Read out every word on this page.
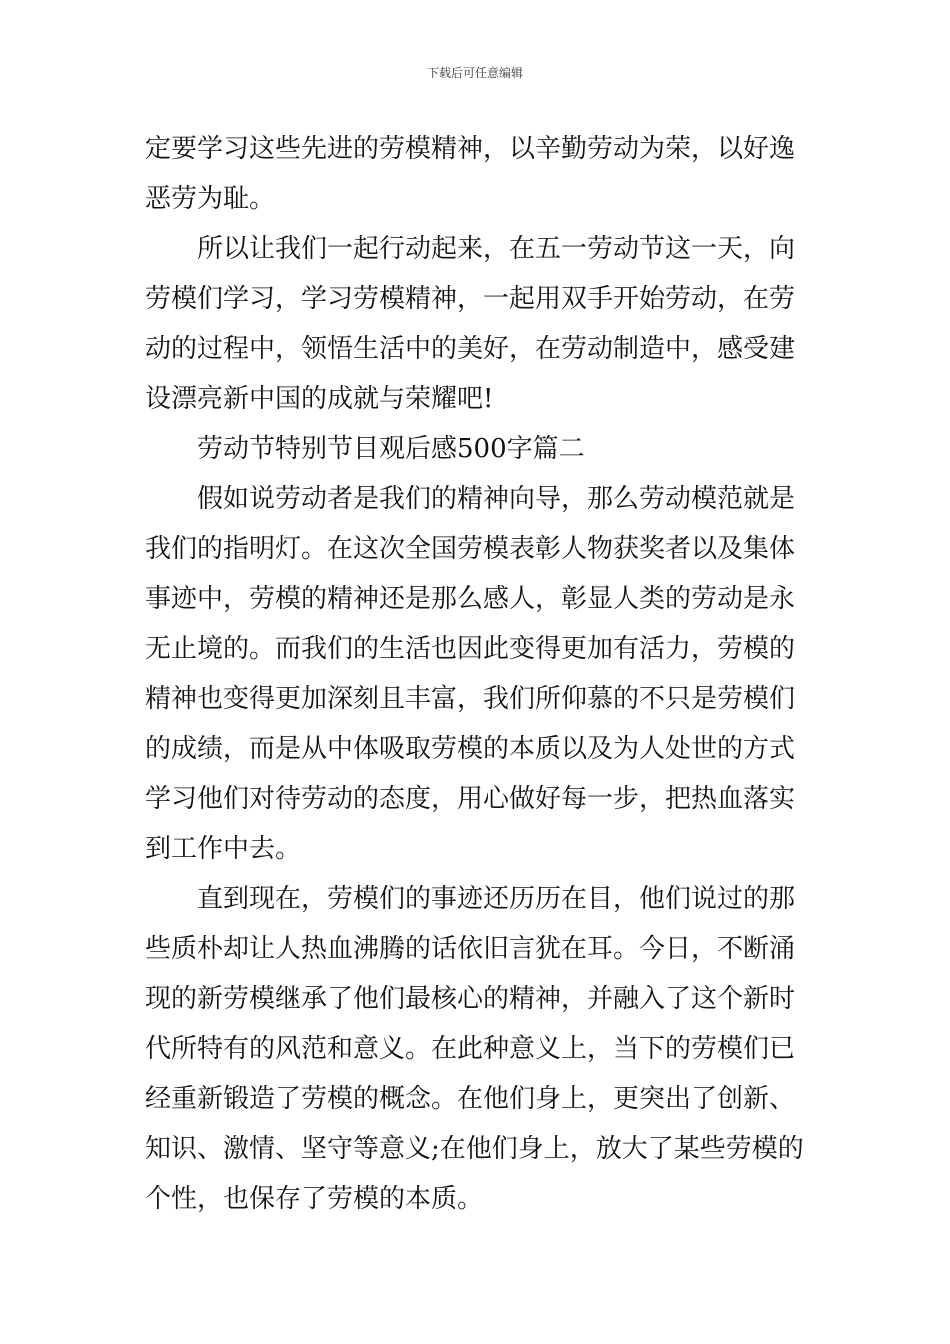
下载后可任意编辑
定要学习这些先进的劳模精神，以辛勤劳动为荣，以好逸
恶劳为耻。
所以让我们一起行动起来，在五一劳动节这一天，向
劳模们学习，学习劳模精神，一起用双手开始劳动，在劳
动的过程中，领悟生活中的美好，在劳动制造中，感受建
设漂亮新中国的成就与荣耀吧!
劳动节特别节目观后感500字篇二
假如说劳动者是我们的精神向导，那么劳动模范就是
我们的指明灯。在这次全国劳模表彰人物获奖者以及集体
事迹中，劳模的精神还是那么感人，彰显人类的劳动是永
无止境的。而我们的生活也因此变得更加有活力，劳模的
精神也变得更加深刻且丰富，我们所仰慕的不只是劳模们
的成绩，而是从中体吸取劳模的本质以及为人处世的方式
学习他们对待劳动的态度，用心做好每一步，把热血落实
到工作中去。
直到现在，劳模们的事迹还历历在目，他们说过的那
些质朴却让人热血沸腾的话依旧言犹在耳。今日，不断涌
现的新劳模继承了他们最核心的精神，并融入了这个新时
代所特有的风范和意义。在此种意义上，当下的劳模们已
经重新锻造了劳模的概念。在他们身上，更突出了创新、
知识、激情、坚守等意义;在他们身上，放大了某些劳模的
个性，也保存了劳模的本质。
